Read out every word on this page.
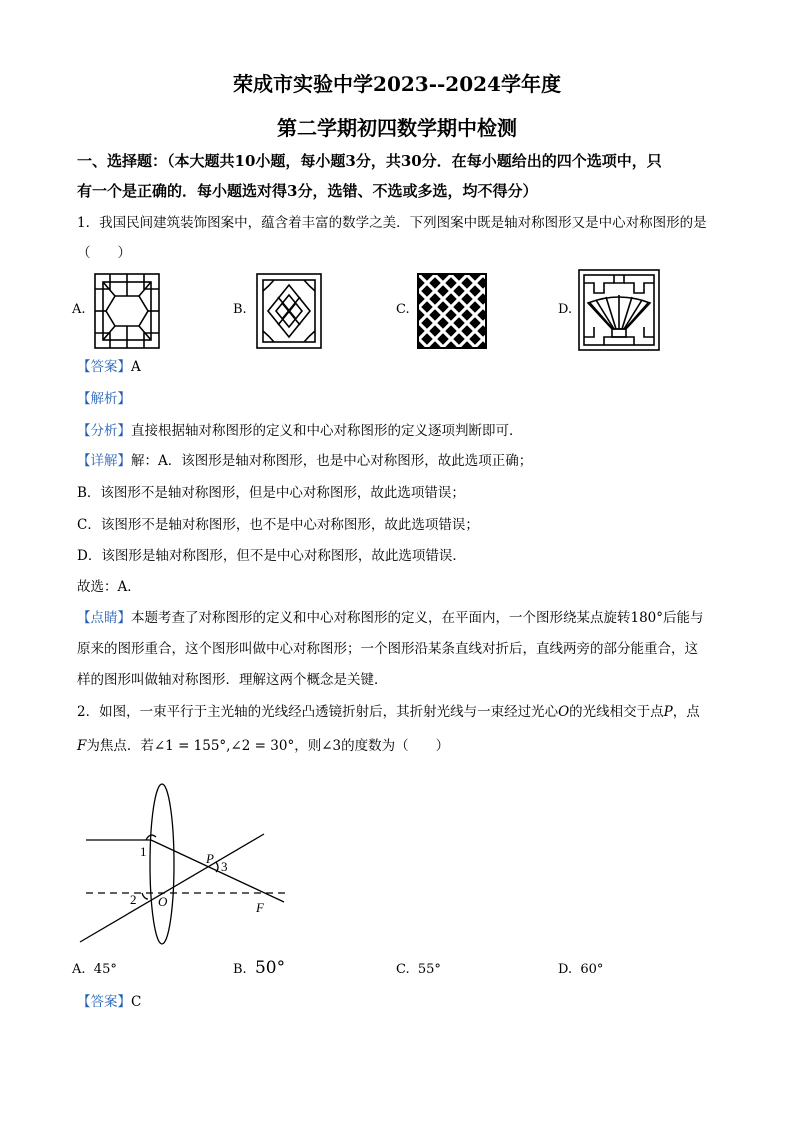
荣成市实验中学2023--2024学年度
第二学期初四数学期中检测
一、选择题：（本大题共10小题，每小题3分，共30分．在每小题给出的四个选项中，只
有一个是正确的．每小题选对得3分，选错、不选或多选，均不得分）
1．我国民间建筑装饰图案中，蕴含着丰富的数学之美．下列图案中既是轴对称图形又是中心对称图形的是
（　　）
A.	B.	C.	D.
【答案】A
【解析】
【分析】直接根据轴对称图形的定义和中心对称图形的定义逐项判断即可．
【详解】解：A．该图形是轴对称图形，也是中心对称图形，故此选项正确；
B．该图形不是轴对称图形，但是中心对称图形，故此选项错误；
C．该图形不是轴对称图形，也不是中心对称图形，故此选项错误；
D．该图形是轴对称图形，但不是中心对称图形，故此选项错误．
故选：A．
【点睛】本题考查了对称图形的定义和中心对称图形的定义，在平面内，一个图形绕某点旋转180°后能与
原来的图形重合，这个图形叫做中心对称图形；一个图形沿某条直线对折后，直线两旁的部分能重合，这
样的图形叫做轴对称图形．理解这两个概念是关键．
2．如图，一束平行于主光轴的光线经凸透镜折射后，其折射光线与一束经过光心O的光线相交于点P，点
F为焦点．若∠1 = 155°,∠2 = 30°，则∠3的度数为（　　）
1
2
3
P
O	F
A. 45°	B. 50°	C. 55°	D. 60°
【答案】C
